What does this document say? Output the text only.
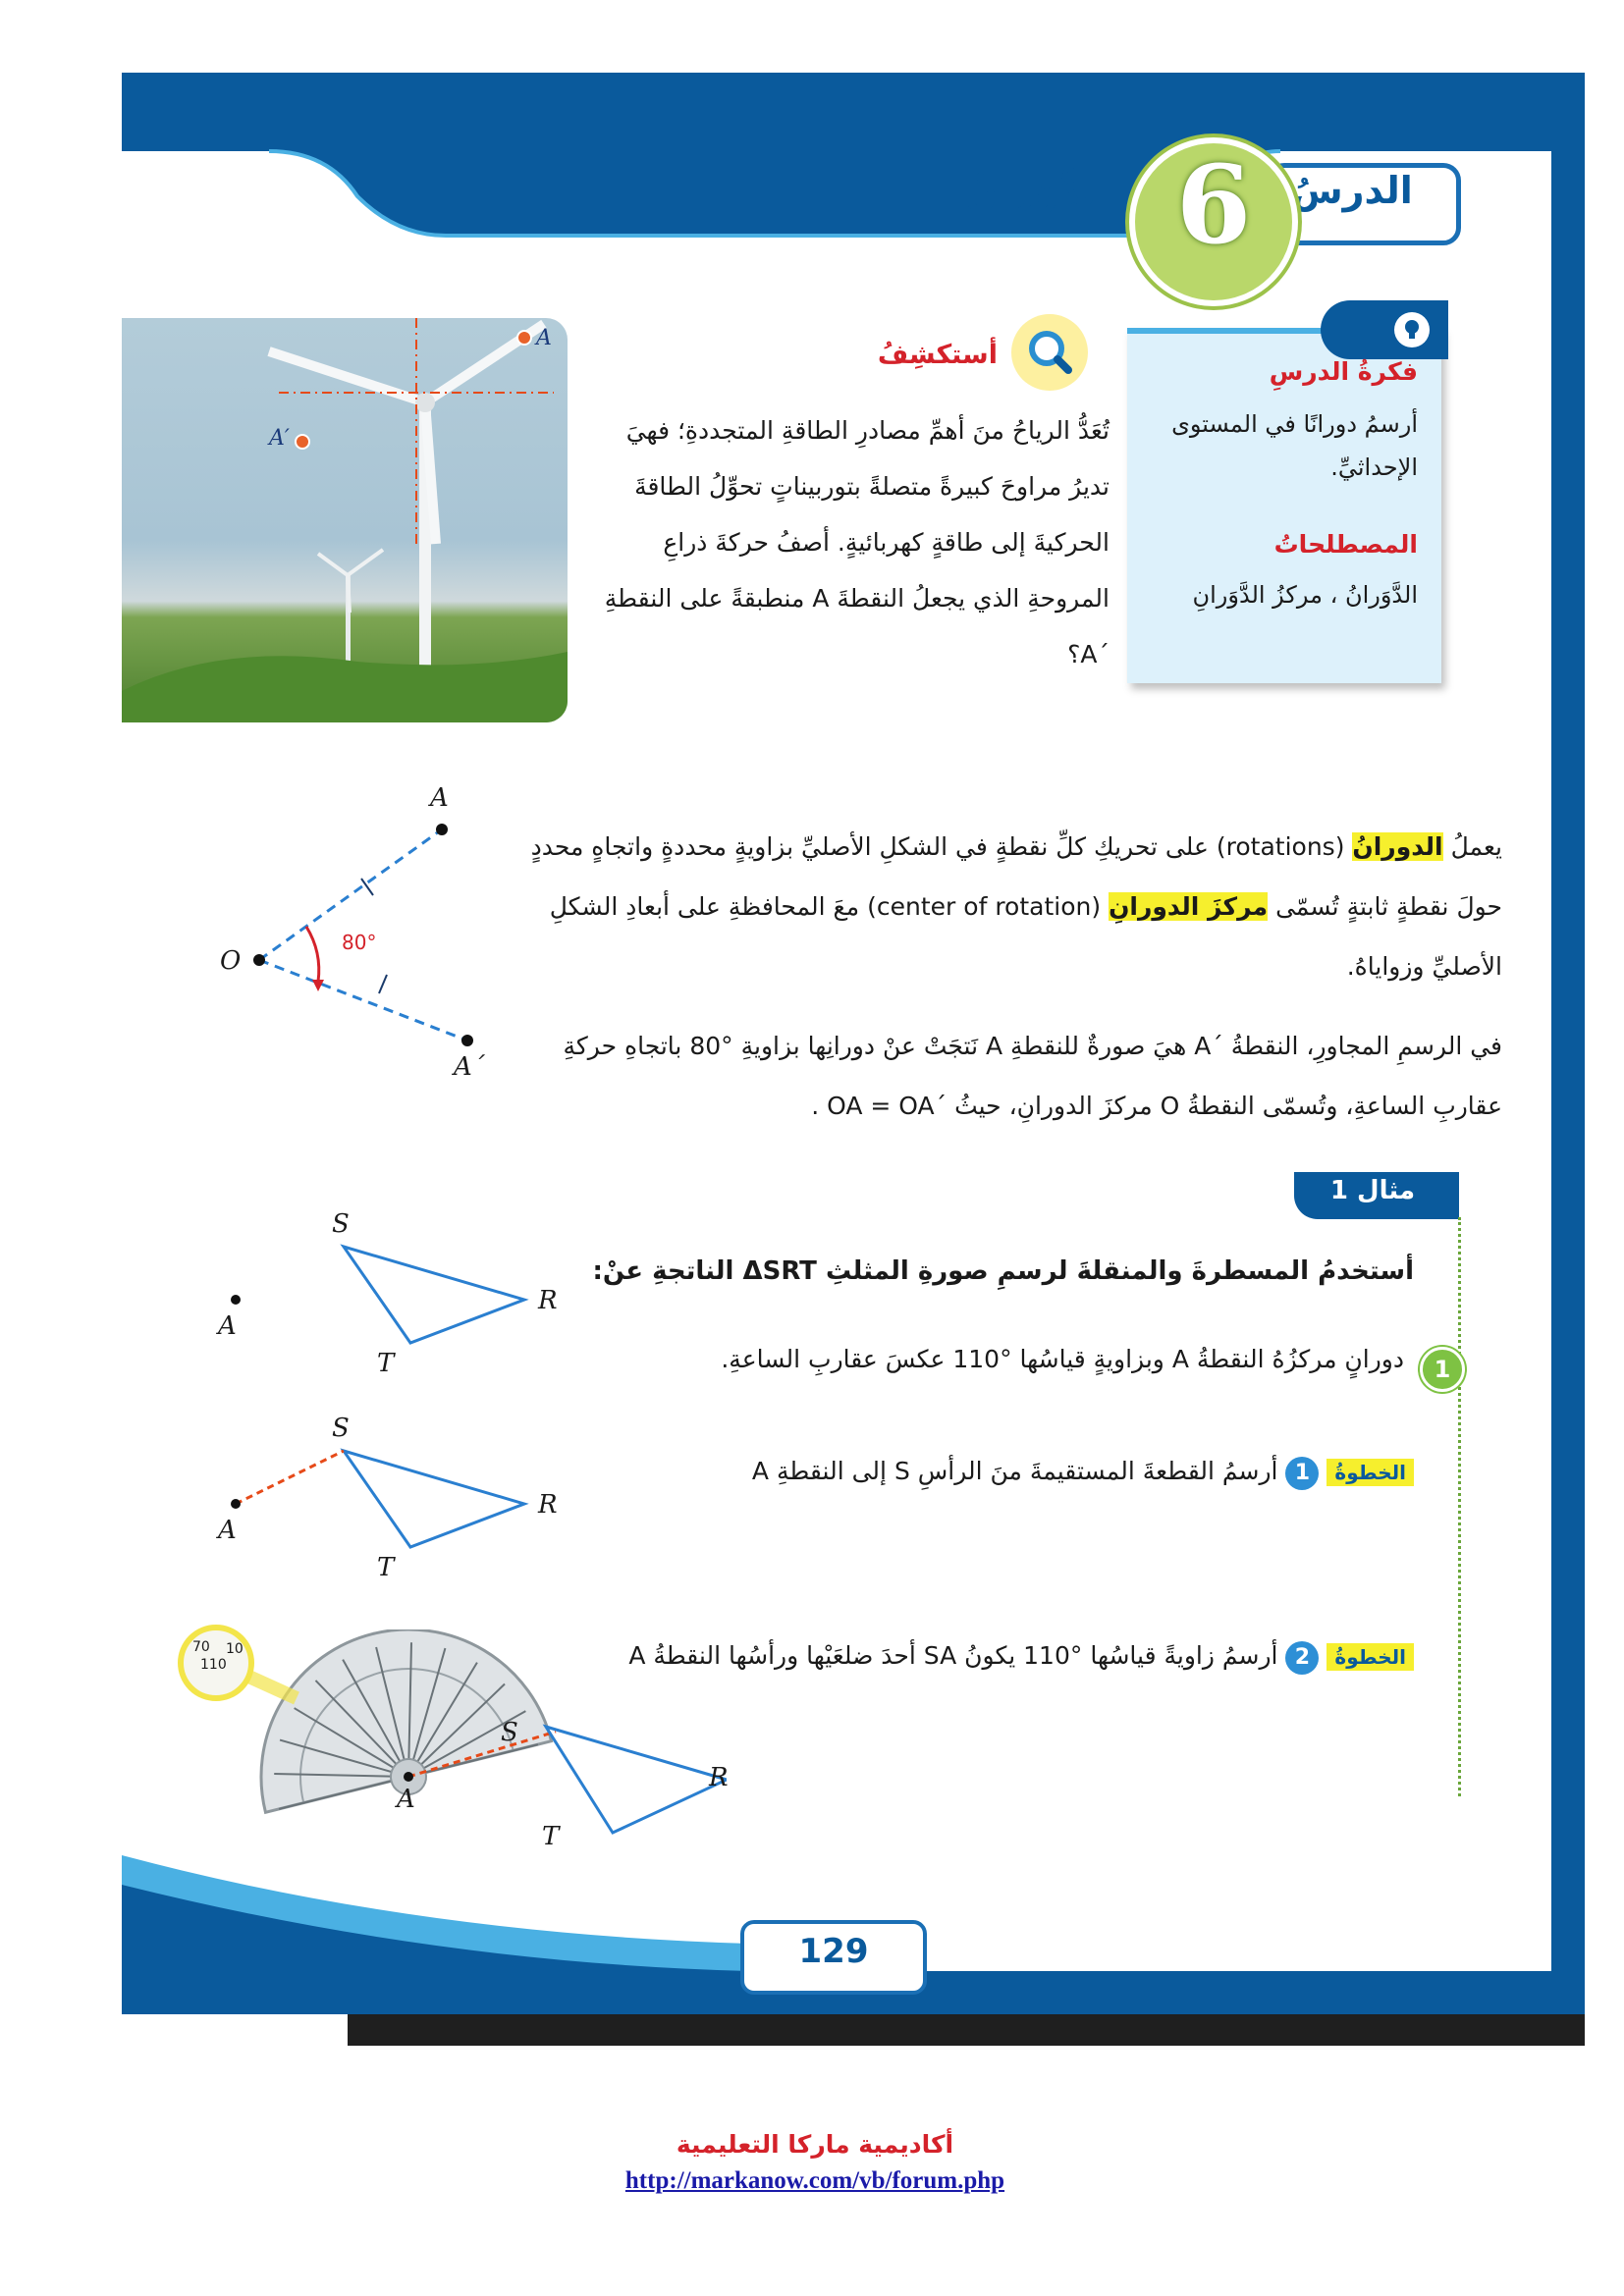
الدرسُ
6
الدَّوَرانُ
فكرةُ الدرسِ
أرسمُ دورانًا في المستوى الإحداثيِّ.
المصطلحاتُ
الدَّوَرانُ ، مركزُ الدَّوَرانِ
أستكشِفُ
تُعَدُّ الرياحُ منَ أهمِّ مصادرِ الطاقةِ المتجددةِ؛ فهيَ تديرُ مراوحَ كبيرةً متصلةً بتوربيناتٍ تحوِّلُ الطاقةَ الحركيةَ إلى طاقةٍ كهربائيةٍ. أصفُ حركةَ ذراعِ المروحةِ الذي يجعلُ النقطةَ A منطبقةً على النقطةِ ´A؟
A
A′
يعملُ الدورانُ (rotations) على تحريكِ كلِّ نقطةٍ في الشكلِ الأصليِّ بزاويةٍ محددةٍ واتجاهٍ محددٍ حولَ نقطةٍ ثابتةٍ تُسمّى مركزَ الدورانِ (center of rotation) معَ المحافظةِ على أبعادِ الشكلِ الأصليِّ وزواياهُ.
في الرسمِ المجاورِ، النقطةُ ´A هيَ صورةٌ للنقطةِ A نَتجَتْ عنْ دورانِها بزاويةِ °80 باتجاهِ حركةِ عقاربِ الساعةِ، وتُسمّى النقطةُ O مركزَ الدورانِ، حيثُ ´OA = OA .
A
O
A´
80°
مثال 1
أستخدمُ المسطرةَ والمنقلةَ لرسمِ صورةِ المثلثِ ΔSRT الناتجةِ عنْ:
1
دورانٍ مركزُهُ النقطةُ A وبزاويةٍ قياسُها °110 عكسَ عقاربِ الساعةِ.
الخطوةُ 1 أرسمُ القطعةَ المستقيمةَ منَ الرأسِ S إلى النقطةِ A
الخطوةُ 2 أرسمُ زاويةً قياسُها °110 يكونُ SA أحدَ ضلعَيْها ورأسُها النقطةُ A
S
R
T
A
S
R
T
A
70
110
10
S
R
T
A
129
أكاديمية ماركا التعليمية
http://markanow.com/vb/forum.php
